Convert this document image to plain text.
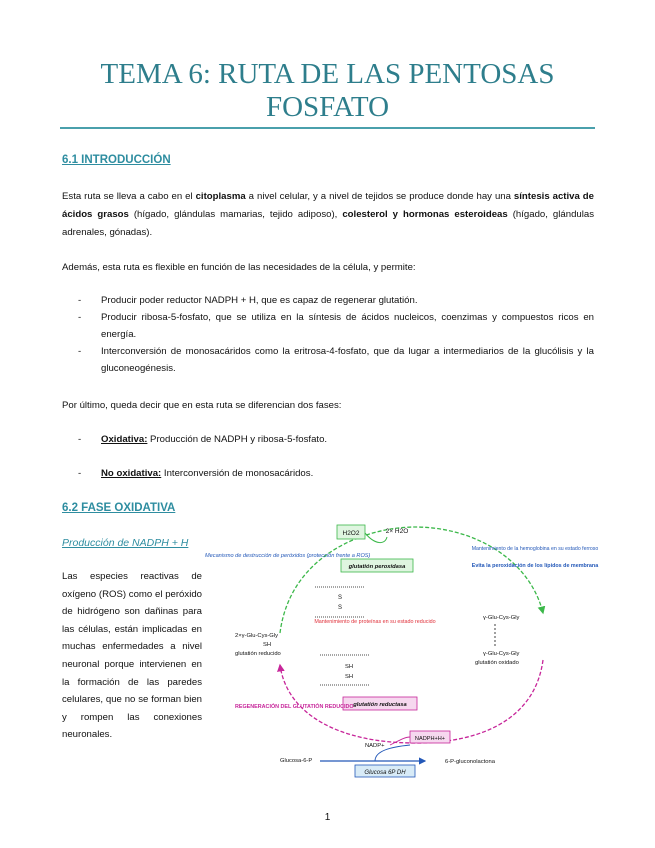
TEMA 6: RUTA DE LAS PENTOSAS FOSFATO
6.1 INTRODUCCIÓN
Esta ruta se lleva a cabo en el citoplasma a nivel celular, y a nivel de tejidos se produce donde hay una síntesis activa de ácidos grasos (hígado, glándulas mamarias, tejido adiposo), colesterol y hormonas esteroideas (hígado, glándulas adrenales, gónadas).
Además, esta ruta es flexible en función de las necesidades de la célula, y permite:
- Producir poder reductor NADPH + H, que es capaz de regenerar glutatión.
- Producir ribosa-5-fosfato, que se utiliza en la síntesis de ácidos nucleicos, coenzimas y compuestos ricos en energía.
- Interconversión de monosacáridos como la eritrosa-4-fosfato, que da lugar a intermediarios de la glucólisis y la gluconeogénesis.
Por último, queda decir que en esta ruta se diferencian dos fases:
- Oxidativa: Producción de NADPH y ribosa-5-fosfato.
- No oxidativa: Interconversión de monosacáridos.
6.2 FASE OXIDATIVA
Producción de NADPH + H
Las especies reactivas de oxígeno (ROS) como el peróxido de hidrógeno son dañinas para las células, están implicadas en muchas enfermedades a nivel neuronal porque intervienen en la formación de las paredes celulares, que no se forman bien y rompen las conexiones neuronales.
H2O2	2× H2O
Mecanismo de destrucción de peróxidos (protección frente a ROS)
glutatión peroxidasa
Mantenimiento de la hemoglobina en su estado ferroso
Evita la peroxidación de los lípidos de membrana
S
S
γ-Glu-Cys-Gly
γ-Glu-Cys-Gly
glutatión oxidado
Mantenimiento de proteínas en su estado reducido
2×γ-Glu-Cys-Gly
SH
glutatión reducido
SH
SH
glutatión reductasa
REGENERACIÓN DEL GLUTATIÓN REDUCIDO
NADPH+H+
NADP+
Glucosa-6-P	6-P-gluconolactona
Glucosa 6P DH
1
